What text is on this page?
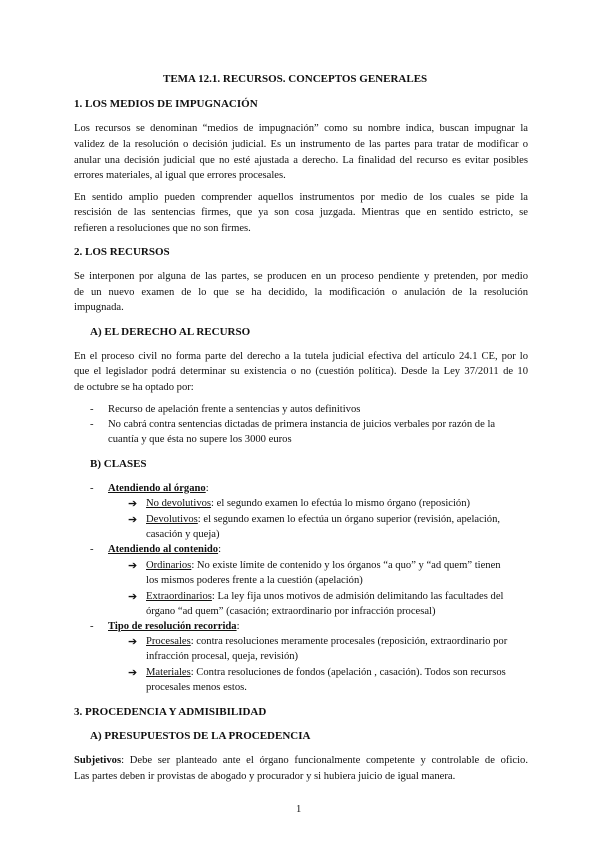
TEMA 12.1. RECURSOS. CONCEPTOS GENERALES
1. LOS MEDIOS DE IMPUGNACIÓN
Los recursos se denominan “medios de impugnación” como su nombre indica, buscan impugnar la
validez de la resolución o decisión judicial. Es un instrumento de las partes para tratar de modificar o
anular una decisión judicial que no esté ajustada a derecho. La finalidad del recurso es evitar posibles
errores materiales, al igual que errores procesales.
En sentido amplio pueden comprender aquellos instrumentos por medio de los cuales se pide la
rescisión de las sentencias firmes, que ya son cosa juzgada. Mientras que en sentido estricto, se
refieren a resoluciones que no son firmes.
2. LOS RECURSOS
Se interponen por alguna de las partes, se producen en un proceso pendiente y pretenden, por medio
de un nuevo examen de lo que se ha decidido, la modificación o anulación de la resolución
impugnada.
A) EL DERECHO AL RECURSO
En el proceso civil no forma parte del derecho a la tutela judicial efectiva del artículo 24.1 CE, por lo
que el legislador podrá determinar su existencia o no (cuestión política). Desde la Ley 37/2011 de 10
de octubre se ha optado por:
- Recurso de apelación frente a sentencias y autos definitivos
- No cabrá contra sentencias dictadas de primera instancia de juicios verbales por razón de la
cuantía y que ésta no supere los 3000 euros
B) CLASES
- Atendiendo al órgano:
➔ No devolutivos: el segundo examen lo efectúa lo mismo órgano (reposición)
➔ Devolutivos: el segundo examen lo efectúa un órgano superior (revisión, apelación,
casación y queja)
- Atendiendo al contenido:
➔ Ordinarios: No existe límite de contenido y los órganos “a quo” y “ad quem” tienen
los mismos poderes frente a la cuestión (apelación)
➔ Extraordinarios: La ley fija unos motivos de admisión delimitando las facultades del
órgano “ad quem” (casación; extraordinario por infracción procesal)
- Tipo de resolución recorrida:
➔ Procesales: contra resoluciones meramente procesales (reposición, extraordinario por
infracción procesal, queja, revisión)
➔ Materiales: Contra resoluciones de fondos (apelación , casación). Todos son recursos
procesales menos estos.
3. PROCEDENCIA Y ADMISIBILIDAD
A) PRESUPUESTOS DE LA PROCEDENCIA
Subjetivos: Debe ser planteado ante el órgano funcionalmente competente y controlable de oficio.
Las partes deben ir provistas de abogado y procurador y si hubiera juicio de igual manera.
1
